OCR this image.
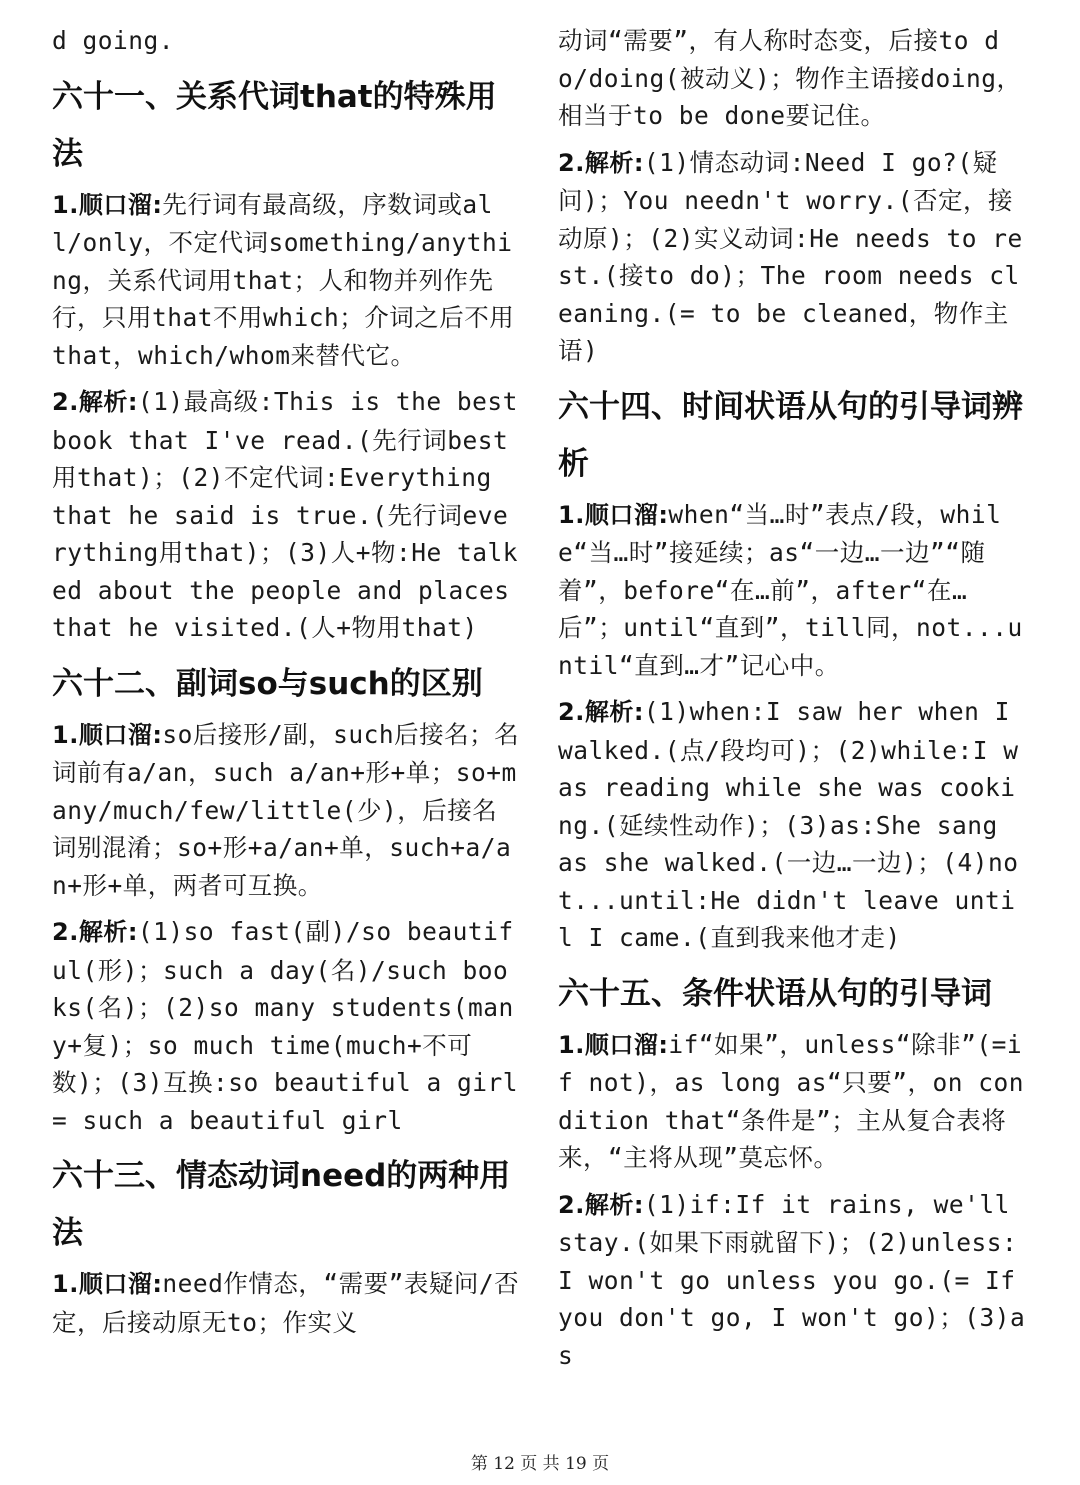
d going.

六十一、关系代词that的特殊用法

1.顺口溜:先行词有最高级，序数词或all/only，不定代词something/anything，关系代词用that；人和物并列作先行，只用that不用which；介词之后不用that，which/whom来替代它。

2.解析:(1)最高级:This is the best book that I've read.(先行词best用that)；(2)不定代词:Everything that he said is true.(先行词everything用that)；(3)人+物:He talked about the people and places that he visited.(人+物用that)

六十二、副词so与such的区别

1.顺口溜:so后接形/副，such后接名；名词前有a/an，such a/an+形+单；so+many/much/few/little(少)，后接名词别混淆；so+形+a/an+单，such+a/an+形+单，两者可互换。

2.解析:(1)so fast(副)/so beautiful(形)；such a day(名)/such books(名)；(2)so many students(many+复)；so much time(much+不可数)；(3)互换:so beautiful a girl = such a beautiful girl

六十三、情态动词need的两种用法

1.顺口溜:need作情态，“需要”表疑问/否定，后接动原无to；作实义

动词“需要”，有人称时态变，后接to do/doing(被动义)；物作主语接doing，相当于to be done要记住。

2.解析:(1)情态动词:Need I go?(疑问)；You needn't worry.(否定，接动原)；(2)实义动词:He needs to rest.(接to do)；The room needs cleaning.(= to be cleaned，物作主语)

六十四、时间状语从句的引导词辨析

1.顺口溜:when“当…时”表点/段，while“当…时”接延续；as“一边…一边”“随着”，before“在…前”，after“在…后”；until“直到”，till同，not...until“直到…才”记心中。

2.解析:(1)when:I saw her when I walked.(点/段均可)；(2)while:I was reading while she was cooking.(延续性动作)；(3)as:She sang as she walked.(一边…一边)；(4)not...until:He didn't leave until I came.(直到我来他才走)

六十五、条件状语从句的引导词

1.顺口溜:if“如果”，unless“除非”(=if not)，as long as“只要”，on condition that“条件是”；主从复合表将来，“主将从现”莫忘怀。

2.解析:(1)if:If it rains, we'll stay.(如果下雨就留下)；(2)unless:I won't go unless you go.(= If you don't go, I won't go)；(3)as

第 12 页 共 19 页
